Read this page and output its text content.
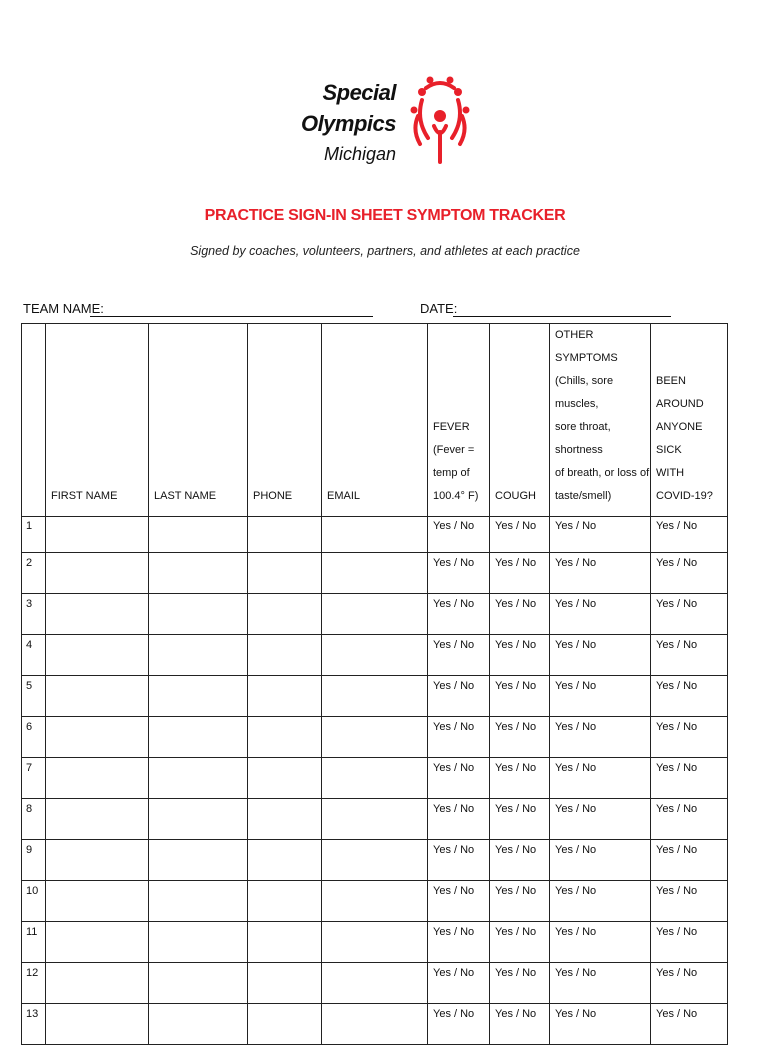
Special
Olympics
Michigan
PRACTICE SIGN-IN SHEET SYMPTOM TRACKER
Signed by coaches, volunteers, partners, and athletes at each practice
TEAM NAME:	DATE:
	FIRST NAME	LAST NAME	PHONE	EMAIL	FEVER
(Fever =
temp of
100.4° F)	COUGH	OTHER SYMPTOMS
(Chills, sore muscles,
sore throat, shortness
of breath, or loss of
taste/smell)	BEEN AROUND
ANYONE SICK
WITH
COVID-19?

1					Yes / No	Yes / No	Yes / No	Yes / No
2					Yes / No	Yes / No	Yes / No	Yes / No
3					Yes / No	Yes / No	Yes / No	Yes / No
4					Yes / No	Yes / No	Yes / No	Yes / No
5					Yes / No	Yes / No	Yes / No	Yes / No
6					Yes / No	Yes / No	Yes / No	Yes / No
7					Yes / No	Yes / No	Yes / No	Yes / No
8					Yes / No	Yes / No	Yes / No	Yes / No
9					Yes / No	Yes / No	Yes / No	Yes / No
10					Yes / No	Yes / No	Yes / No	Yes / No
11					Yes / No	Yes / No	Yes / No	Yes / No
12					Yes / No	Yes / No	Yes / No	Yes / No
13					Yes / No	Yes / No	Yes / No	Yes / No
